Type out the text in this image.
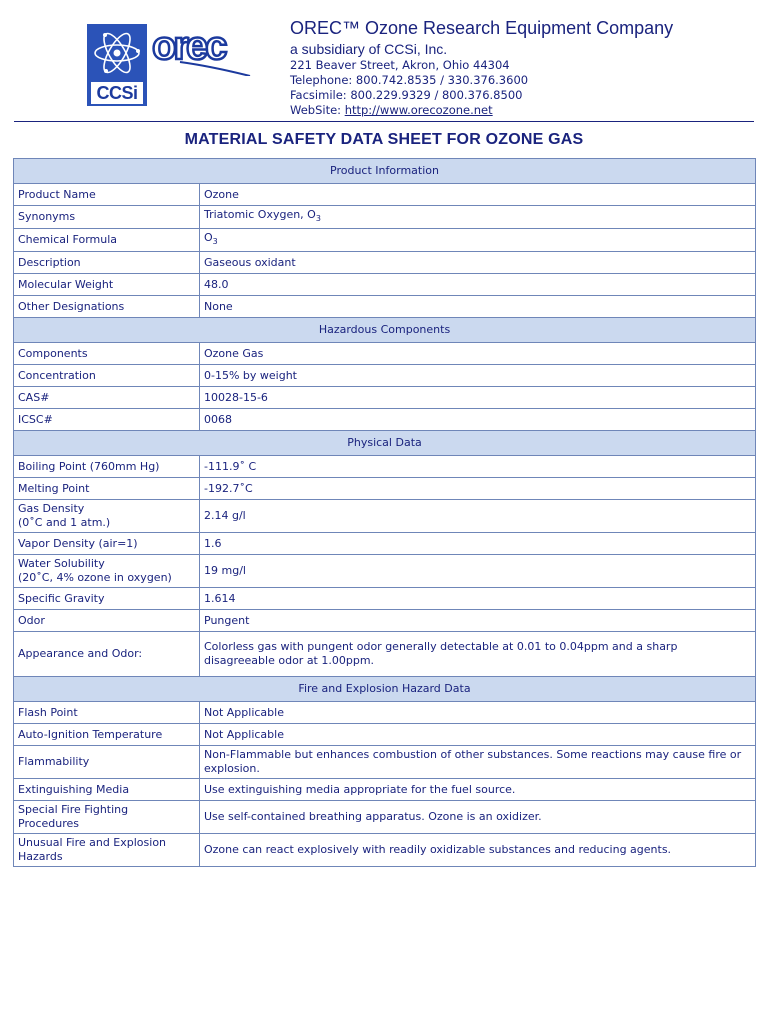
CCSi
orec	OREC™ Ozone Research Equipment Company
a subsidiary of CCSi, Inc.
221 Beaver Street, Akron, Ohio 44304
Telephone: 800.742.8535 / 330.376.3600
Facsimile: 800.229.9329 / 800.376.8500
WebSite: http://www.orecozone.net
MATERIAL SAFETY DATA SHEET FOR OZONE GAS
Product Information	
Product Name	Ozone
Synonyms	Triatomic Oxygen, $O_3$
Chemical Formula	$O_3$
Description	Gaseous oxidant
Molecular Weight	48.0
Other Designations	None
Hazardous Components	
Components	Ozone Gas
Concentration	0-15% by weight
CAS#	10028-15-6
ICSC#	0068
Physical Data	
Boiling Point (760mm Hg)	-111.9˚ C
Melting Point	-192.7˚C

Gas Density
(0˚C and 1 atm.)	2.14 g/l
Vapor Density (air=1)	1.6

Water Solubility
(20˚C, 4% ozone in oxygen)	19 mg/l
Specific Gravity	1.614
Odor	Pungent
Appearance and Odor:	Colorless gas with pungent odor generally detectable at 0.01 to 0.04ppm and a sharp disagreeable odor at 1.00ppm.
Fire and Explosion Hazard Data	
Flash Point	Not Applicable
Auto-Ignition Temperature	Not Applicable
Flammability	Non-Flammable but enhances combustion of other substances. Some reactions may cause fire or explosion.
Extinguishing Media	Use extinguishing media appropriate for the fuel source.

Special Fire Fighting
Procedures	Use self-contained breathing apparatus. Ozone is an oxidizer.

Unusual Fire and Explosion
Hazards	Ozone can react explosively with readily oxidizable substances and reducing agents.
